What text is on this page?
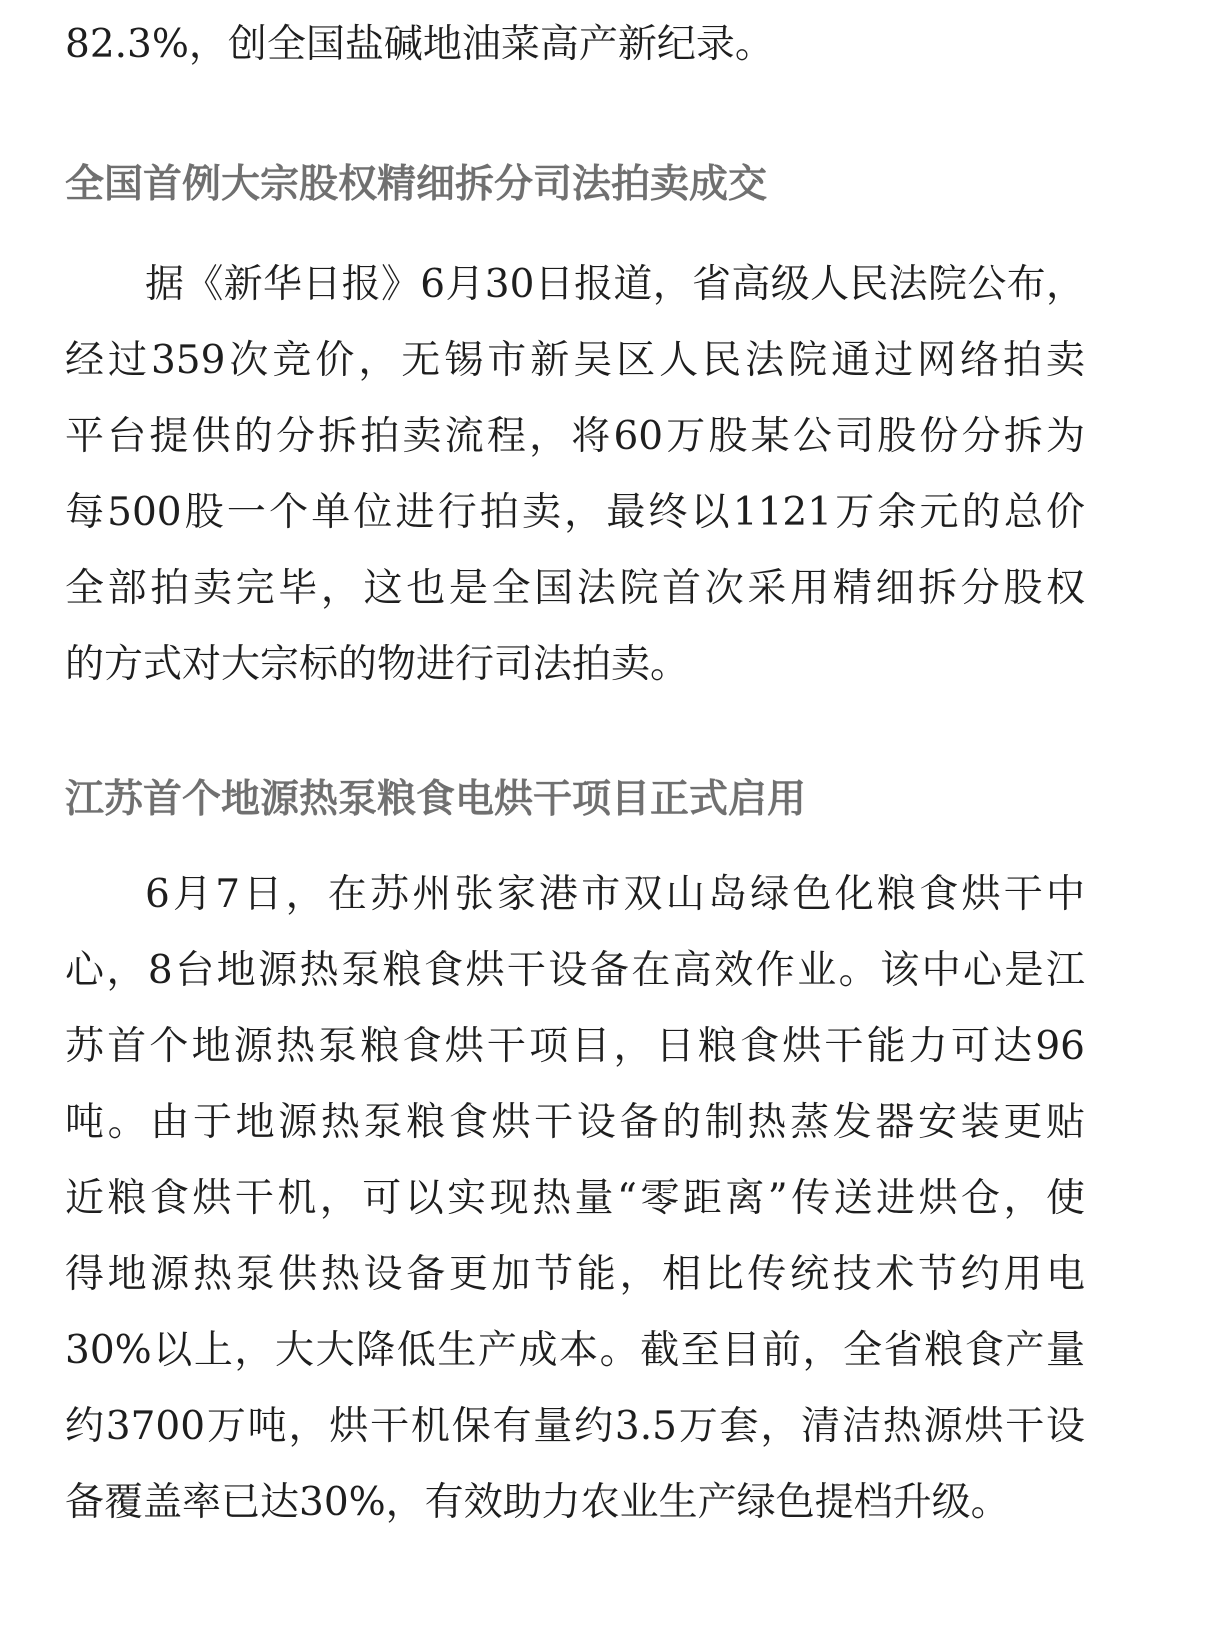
82.3%，创全国盐碱地油菜高产新纪录。
全国首例大宗股权精细拆分司法拍卖成交
据《新华日报》6月30日报道，省高级人民法院公布，
经过359次竞价，无锡市新吴区人民法院通过网络拍卖
平台提供的分拆拍卖流程，将60万股某公司股份分拆为
每500股一个单位进行拍卖，最终以1121万余元的总价
全部拍卖完毕，这也是全国法院首次采用精细拆分股权
的方式对大宗标的物进行司法拍卖。
江苏首个地源热泵粮食电烘干项目正式启用
6月7日，在苏州张家港市双山岛绿色化粮食烘干中
心，8台地源热泵粮食烘干设备在高效作业。该中心是江
苏首个地源热泵粮食烘干项目，日粮食烘干能力可达96
吨。由于地源热泵粮食烘干设备的制热蒸发器安装更贴
近粮食烘干机，可以实现热量“零距离”传送进烘仓，使
得地源热泵供热设备更加节能，相比传统技术节约用电
30%以上，大大降低生产成本。截至目前，全省粮食产量
约3700万吨，烘干机保有量约3.5万套，清洁热源烘干设
备覆盖率已达30%，有效助力农业生产绿色提档升级。
